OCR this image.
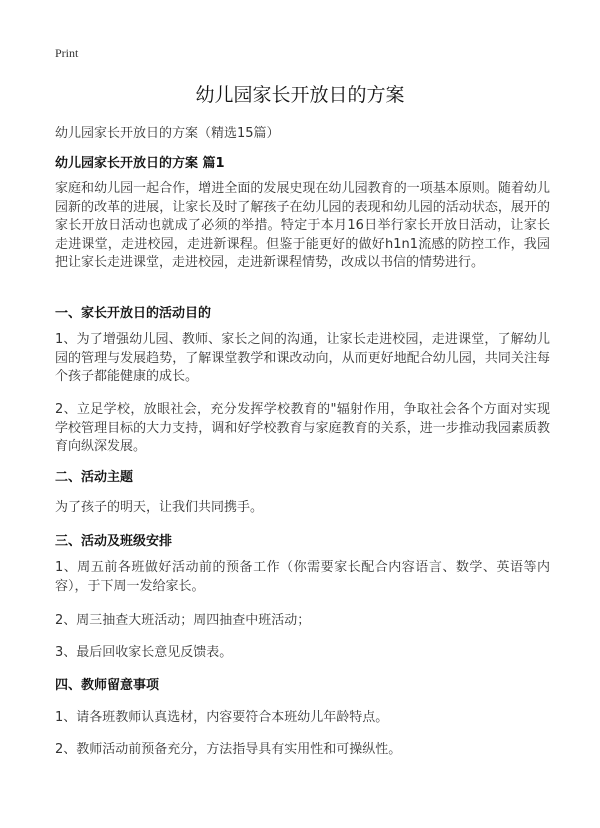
Print
幼儿园家长开放日的方案
幼儿园家长开放日的方案（精选15篇）
幼儿园家长开放日的方案 篇1

家庭和幼儿园一起合作，增进全面的发展史现在幼儿园教育的一项基本原则。随着幼儿园新的改革的进展，让家长及时了解孩子在幼儿园的表现和幼儿园的活动状态，展开的家长开放日活动也就成了必须的举措。特定于本月16日举行家长开放日活动，让家长走进课堂，走进校园，走进新课程。但鉴于能更好的做好h1n1流感的防控工作，我园把让家长走进课堂，走进校园，走进新课程情势，改成以书信的情势进行。

一、家长开放日的活动目的

1、为了增强幼儿园、教师、家长之间的沟通，让家长走进校园，走进课堂，了解幼儿园的管理与发展趋势，了解课堂教学和课改动向，从而更好地配合幼儿园，共同关注每个孩子都能健康的成长。

2、立足学校，放眼社会，充分发挥学校教育的"辐射作用，争取社会各个方面对实现学校管理目标的大力支持，调和好学校教育与家庭教育的关系，进一步推动我园素质教育向纵深发展。

二、活动主题

为了孩子的明天，让我们共同携手。

三、活动及班级安排

1、周五前各班做好活动前的预备工作（你需要家长配合内容语言、数学、英语等内容），于下周一发给家长。

2、周三抽查大班活动；周四抽查中班活动；

3、最后回收家长意见反馈表。

四、教师留意事项

1、请各班教师认真选材，内容要符合本班幼儿年龄特点。

2、教师活动前预备充分，方法指导具有实用性和可操纵性。
